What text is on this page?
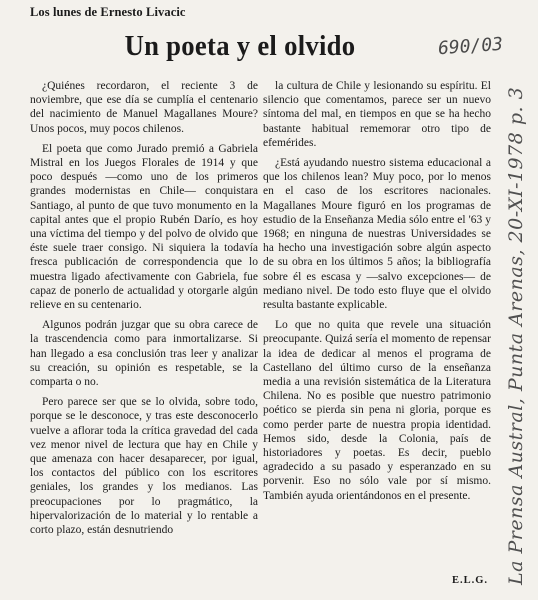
Los lunes de Ernesto Livacic
Un poeta y el olvido	690/03

¿Quiénes recordaron, el reciente 3 de noviembre, que ese día se cumplía el centenario del nacimiento de Manuel Magallanes Moure? Unos pocos, muy pocos chilenos.

El poeta que como Jurado premió a Gabriela Mistral en los Juegos Florales de 1914 y que poco después —como uno de los primeros grandes modernistas en Chile— conquistara Santiago, al punto de que tuvo monumento en la capital antes que el propio Rubén Darío, es hoy una víctima del tiempo y del polvo de olvido que éste suele traer consigo. Ni siquiera la todavía fresca publicación de correspondencia que lo muestra ligado afectivamente con Gabriela, fue capaz de ponerlo de actualidad y otorgarle algún relieve en su centenario.

Algunos podrán juzgar que su obra carece de la trascendencia como para inmortalizarse. Si han llegado a esa conclusión tras leer y analizar su creación, su opinión es respetable, se la comparta o no.

Pero parece ser que se lo olvida, sobre todo, porque se le desconoce, y tras este desconocerlo vuelve a aflorar toda la crítica gravedad del cada vez menor nivel de lectura que hay en Chile y que amenaza con hacer desaparecer, por igual, los contactos del público con los escritores geniales, los grandes y los medianos. Las preocupaciones por lo pragmático, la hipervalorización de lo material y lo rentable a corto plazo, están desnutriendo

la cultura de Chile y lesionando su espíritu. El silencio que comentamos, parece ser un nuevo síntoma del mal, en tiempos en que se ha hecho bastante habitual rememorar otro tipo de efemérides.

¿Está ayudando nuestro sistema educacional a que los chilenos lean? Muy poco, por lo menos en el caso de los escritores nacionales. Magallanes Moure figuró en los programas de estudio de la Enseñanza Media sólo entre el '63 y 1968; en ninguna de nuestras Universidades se ha hecho una investigación sobre algún aspecto de su obra en los últimos 5 años; la bibliografía sobre él es escasa y —salvo excepciones— de mediano nivel. De todo esto fluye que el olvido resulta bastante explicable.

Lo que no quita que revele una situación preocupante. Quizá sería el momento de repensar la idea de dedicar al menos el programa de Castellano del último curso de la enseñanza media a una revisión sistemática de la Literatura Chilena. No es posible que nuestro patrimonio poético se pierda sin pena ni gloria, porque es como perder parte de nuestra propia identidad. Hemos sido, desde la Colonia, país de historiadores y poetas. Es decir, pueblo agradecido a su pasado y esperanzado en su porvenir. Eso no sólo vale por sí mismo. También ayuda orientándonos en el presente.

E.L.G. La Prensa Austral, Punta Arenas, 20-XI-1978 p. 3
